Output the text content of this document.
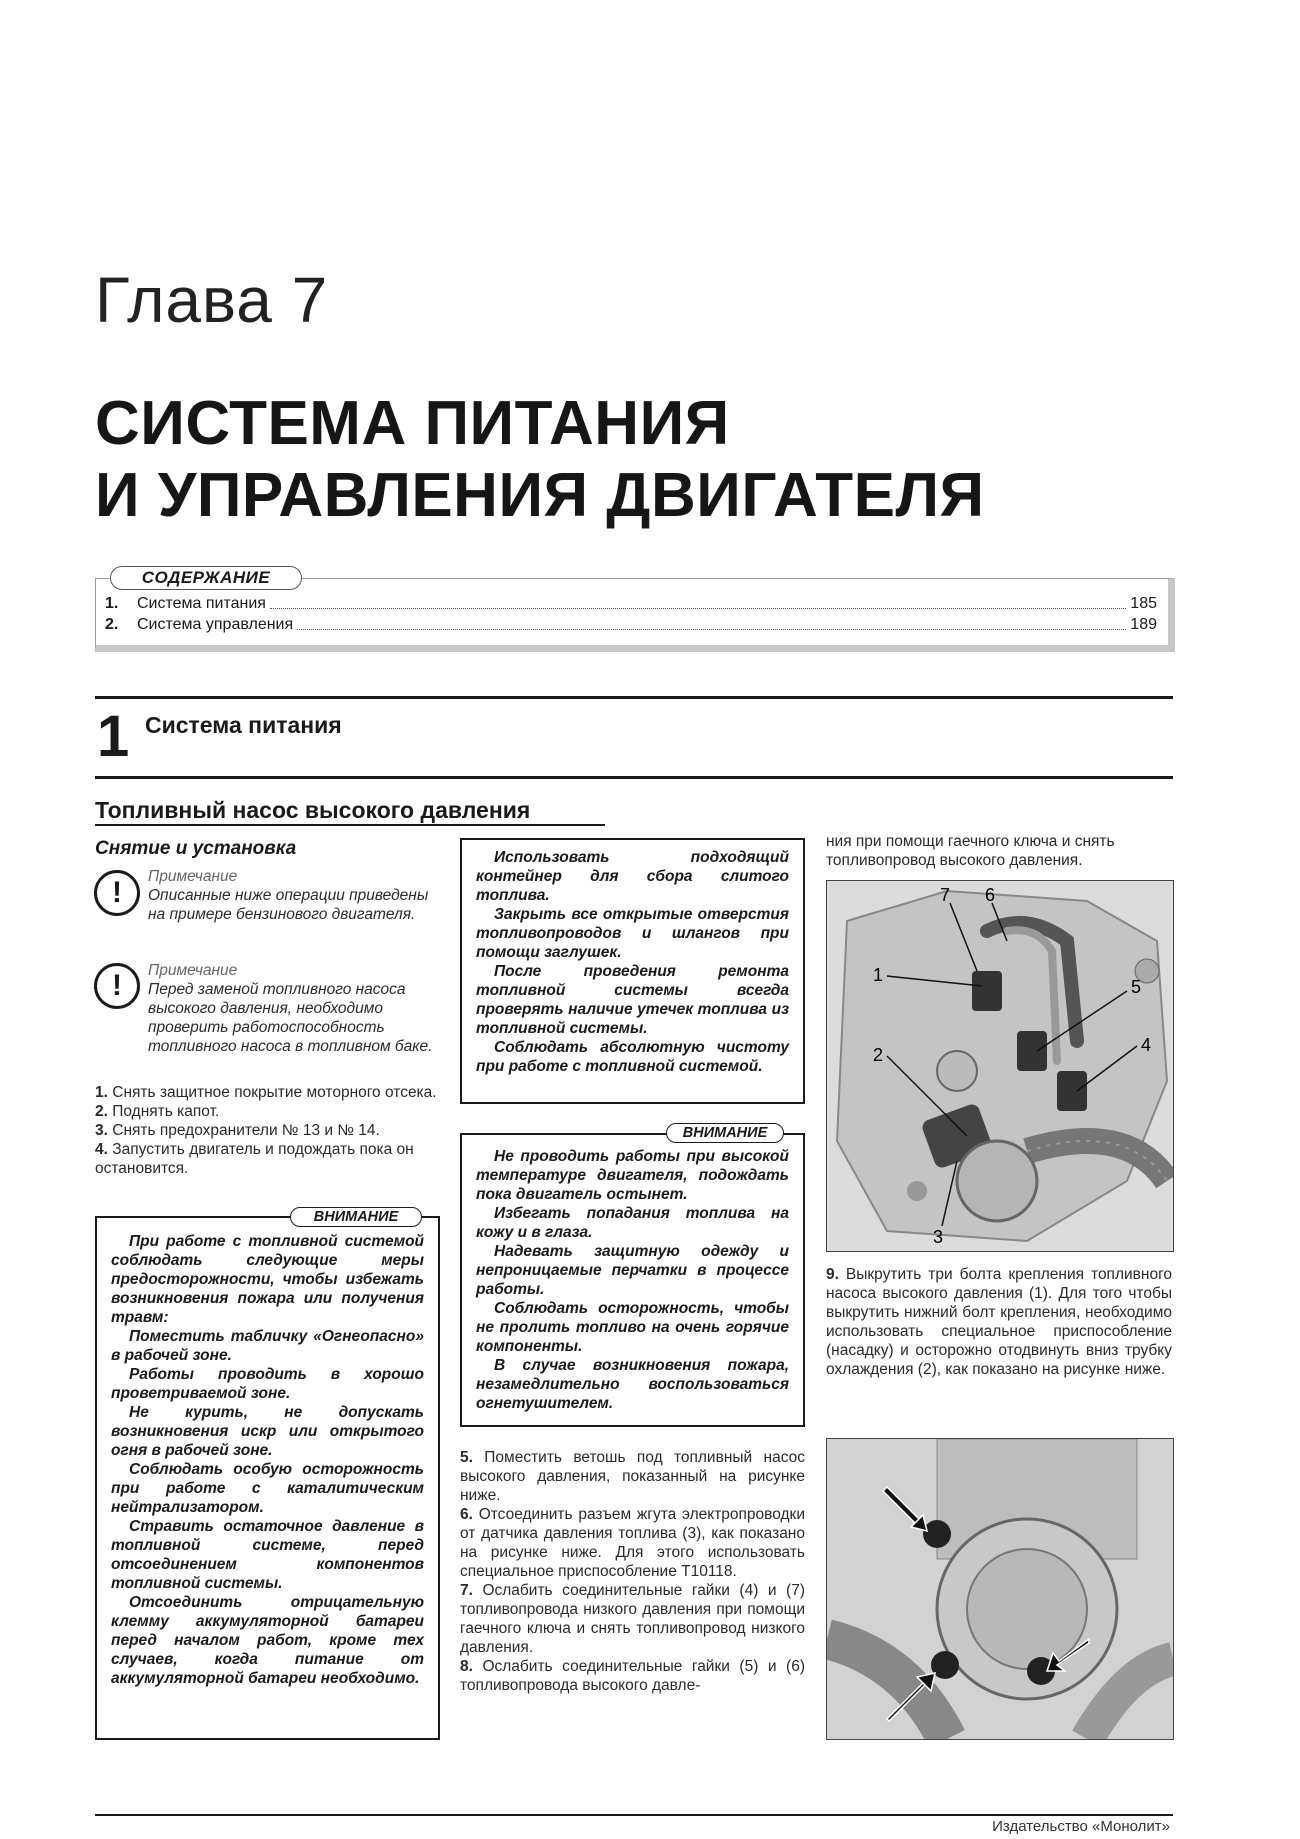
Глава 7
СИСТЕМА ПИТАНИЯ
И УПРАВЛЕНИЯ ДВИГАТЕЛЯ
СОДЕРЖАНИЕ
1.	Система питания	185
2.	Система управления	189
1 Система питания
Топливный насос высокого давления
Снятие и установка
!	Примечание
Описанные ниже операции приведены на примере бензинового двигателя.
!	Примечание
Перед заменой топливного насоса высокого давления, необходимо проверить работоспособность топливного насоса в топливном баке.

1. Снять защитное покрытие моторного отсека.

2. Поднять капот.

3. Снять предохранители № 13 и № 14.

4. Запустить двигатель и подождать пока он остановится.

При работе с топливной системой соблюдать следующие меры предосторожности, чтобы избежать возникновения пожара или получения травм:

Поместить табличку «Огнеопасно» в рабочей зоне.

Работы проводить в хорошо проветриваемой зоне.

Не курить, не допускать возникновения искр или открытого огня в рабочей зоне.

Соблюдать особую осторожность при работе с каталитическим нейтрализатором.

Стравить остаточное давление в топливной системе, перед отсоединением компонентов топливной системы.

Отсоединить отрицательную клемму аккумуляторной батареи перед началом работ, кроме тех случаев, когда питание от аккумуляторной батареи необходимо.

ВНИМАНИЕ

Использовать подходящий контейнер для сбора слитого топлива.

Закрыть все открытые отверстия топливопроводов и шлангов при помощи заглушек.

После проведения ремонта топливной системы всегда проверять наличие утечек топлива из топливной системы.

Соблюдать абсолютную чистоту при работе с топливной системой.

Не проводить работы при высокой температуре двигателя, подождать пока двигатель остынет.

Избегать попадания топлива на кожу и в глаза.

Надевать защитную одежду и непроницаемые перчатки в процессе работы.

Соблюдать осторожность, чтобы не пролить топливо на очень горячие компоненты.

В случае возникновения пожара, незамедлительно воспользоваться огнетушителем.

ВНИМАНИЕ

5. Поместить ветошь под топливный насос высокого давления, показанный на рисунке ниже.

6. Отсоединить разъем жгута электропроводки от датчика давления топлива (3), как показано на рисунке ниже. Для этого использовать специальное приспособление T10118.

7. Ослабить соединительные гайки (4) и (7) топливопровода низкого давления при помощи гаечного ключа и снять топливопровод низкого давления.

8. Ослабить соединительные гайки (5) и (6) топливопровода высокого давле-

ния при помощи гаечного ключа и снять топливопровод высокого давления.
7 6
1
5
2	4
3
9. Выкрутить три болта крепления топливного насоса высокого давления (1). Для того чтобы выкрутить нижний болт крепления, необходимо использовать специальное приспособление (насадку) и осторожно отодвинуть вниз трубку охлаждения (2), как показано на рисунке ниже.
Издательство «Монолит»
